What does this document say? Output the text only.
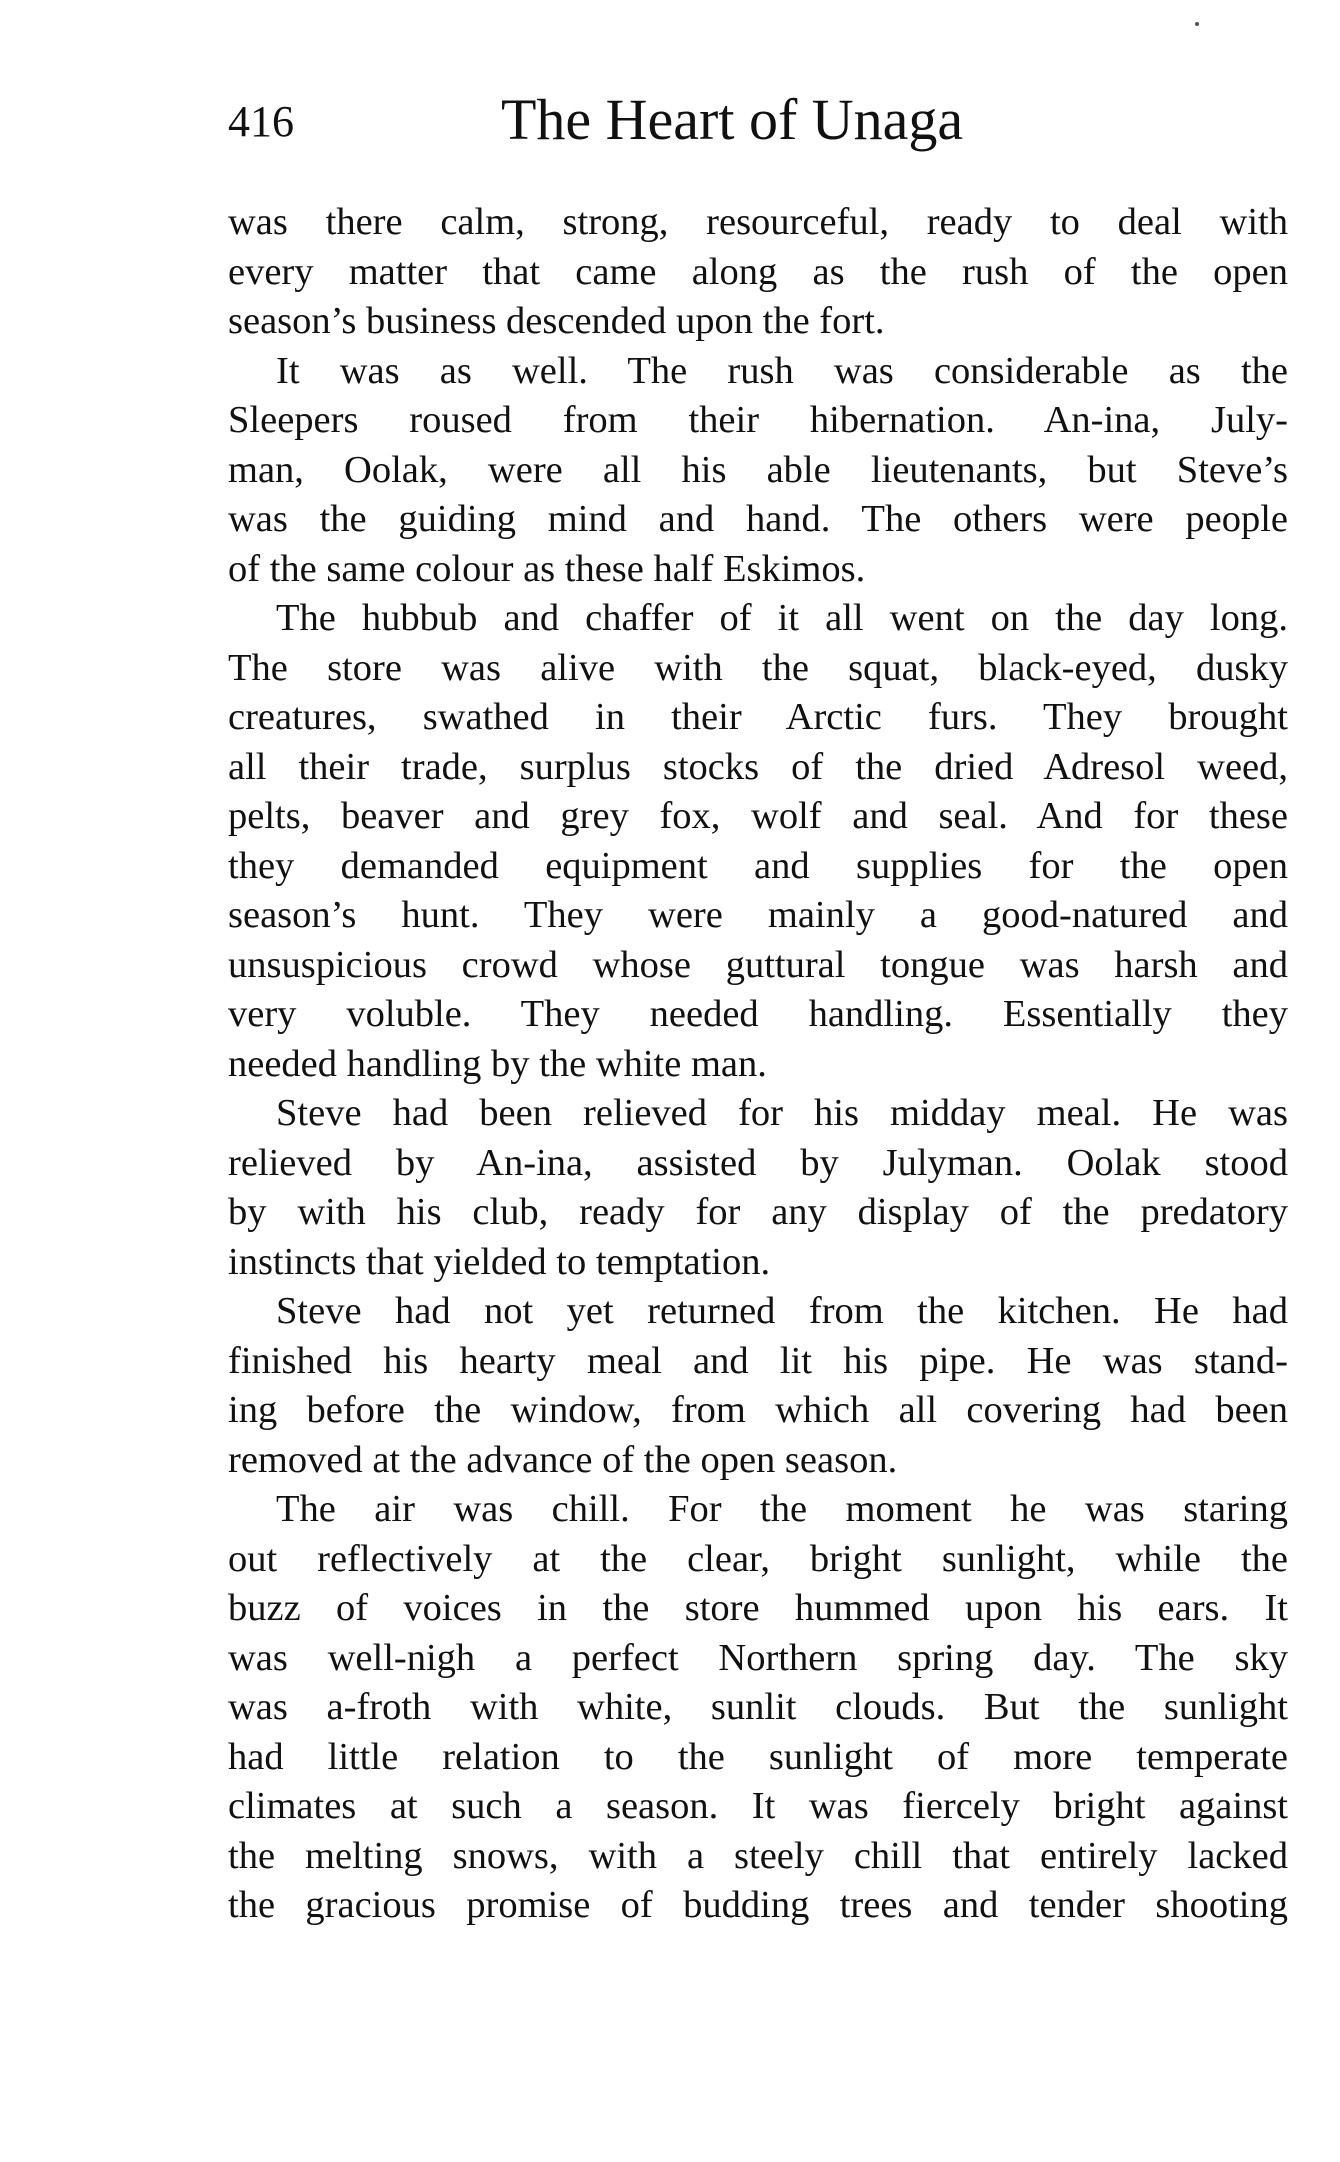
416	The Heart of Unaga
was there calm, strong, resourceful, ready to deal with
every matter that came along as the rush of the open
season’s business descended upon the fort.
It was as well. The rush was considerable as the
Sleepers roused from their hibernation. An-ina, July-
man, Oolak, were all his able lieutenants, but Steve’s
was the guiding mind and hand. The others were people
of the same colour as these half Eskimos.
The hubbub and chaffer of it all went on the day long.
The store was alive with the squat, black-eyed, dusky
creatures, swathed in their Arctic furs. They brought
all their trade, surplus stocks of the dried Adresol weed,
pelts, beaver and grey fox, wolf and seal. And for these
they demanded equipment and supplies for the open
season’s hunt. They were mainly a good-natured and
unsuspicious crowd whose guttural tongue was harsh and
very voluble. They needed handling. Essentially they
needed handling by the white man.
Steve had been relieved for his midday meal. He was
relieved by An-ina, assisted by Julyman. Oolak stood
by with his club, ready for any display of the predatory
instincts that yielded to temptation.
Steve had not yet returned from the kitchen. He had
finished his hearty meal and lit his pipe. He was stand-
ing before the window, from which all covering had been
removed at the advance of the open season.
The air was chill. For the moment he was staring
out reflectively at the clear, bright sunlight, while the
buzz of voices in the store hummed upon his ears. It
was well-nigh a perfect Northern spring day. The sky
was a-froth with white, sunlit clouds. But the sunlight
had little relation to the sunlight of more temperate
climates at such a season. It was fiercely bright against
the melting snows, with a steely chill that entirely lacked
the gracious promise of budding trees and tender shooting
